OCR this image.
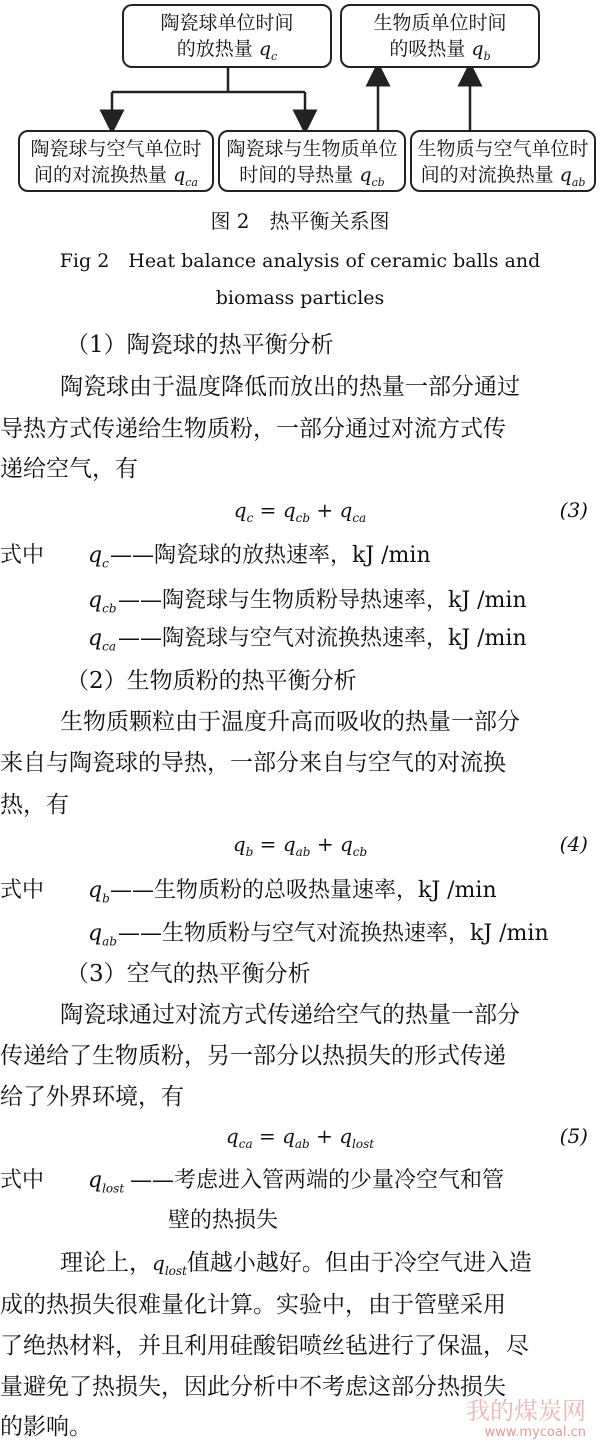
陶瓷球单位时间
的放热量 $q_c$
生物质单位时间
的吸热量 $q_b$
陶瓷球与空气单位时
间的对流换热量 $q_{ca}$
陶瓷球与生物质单位
时间的导热量 $q_{cb}$
生物质与空气单位时
间的对流换热量 $q_{ab}$
图 2　热平衡关系图
Fig 2　Heat balance analysis of ceramic balls and
biomass particles
（1）陶瓷球的热平衡分析
陶瓷球由于温度降低而放出的热量一部分通过
导热方式传递给生物质粉，一部分通过对流方式传
递给空气，有
$q_c = q_{cb} + q_{ca}$	(3)
式中 $q_c$ ——陶瓷球的放热速率，kJ /min
$q_{cb}$ ——陶瓷球与生物质粉导热速率，kJ /min
$q_{ca}$ ——陶瓷球与空气对流换热速率，kJ /min
（2）生物质粉的热平衡分析
生物质颗粒由于温度升高而吸收的热量一部分
来自与陶瓷球的导热，一部分来自与空气的对流换
热，有
$q_b = q_{ab} + q_{cb}$	(4)
式中 $q_b$ ——生物质粉的总吸热量速率，kJ /min
$q_{ab}$ ——生物质粉与空气对流换热速率，kJ /min
（3）空气的热平衡分析
陶瓷球通过对流方式传递给空气的热量一部分
传递给了生物质粉，另一部分以热损失的形式传递
给了外界环境，有
$q_{ca} = q_{ab} + q_{lost}$	(5)
式中 $q_{lost}$ ——考虑进入管两端的少量冷空气和管
壁的热损失
理论上，$q_{lost}$值越小越好。但由于冷空气进入造
成的热损失很难量化计算。实验中，由于管壁采用
了绝热材料，并且利用硅酸铝喷丝毡进行了保温，尽
量避免了热损失，因此分析中不考虑这部分热损失
的影响。
我的煤炭网
www.mycoal.cn
